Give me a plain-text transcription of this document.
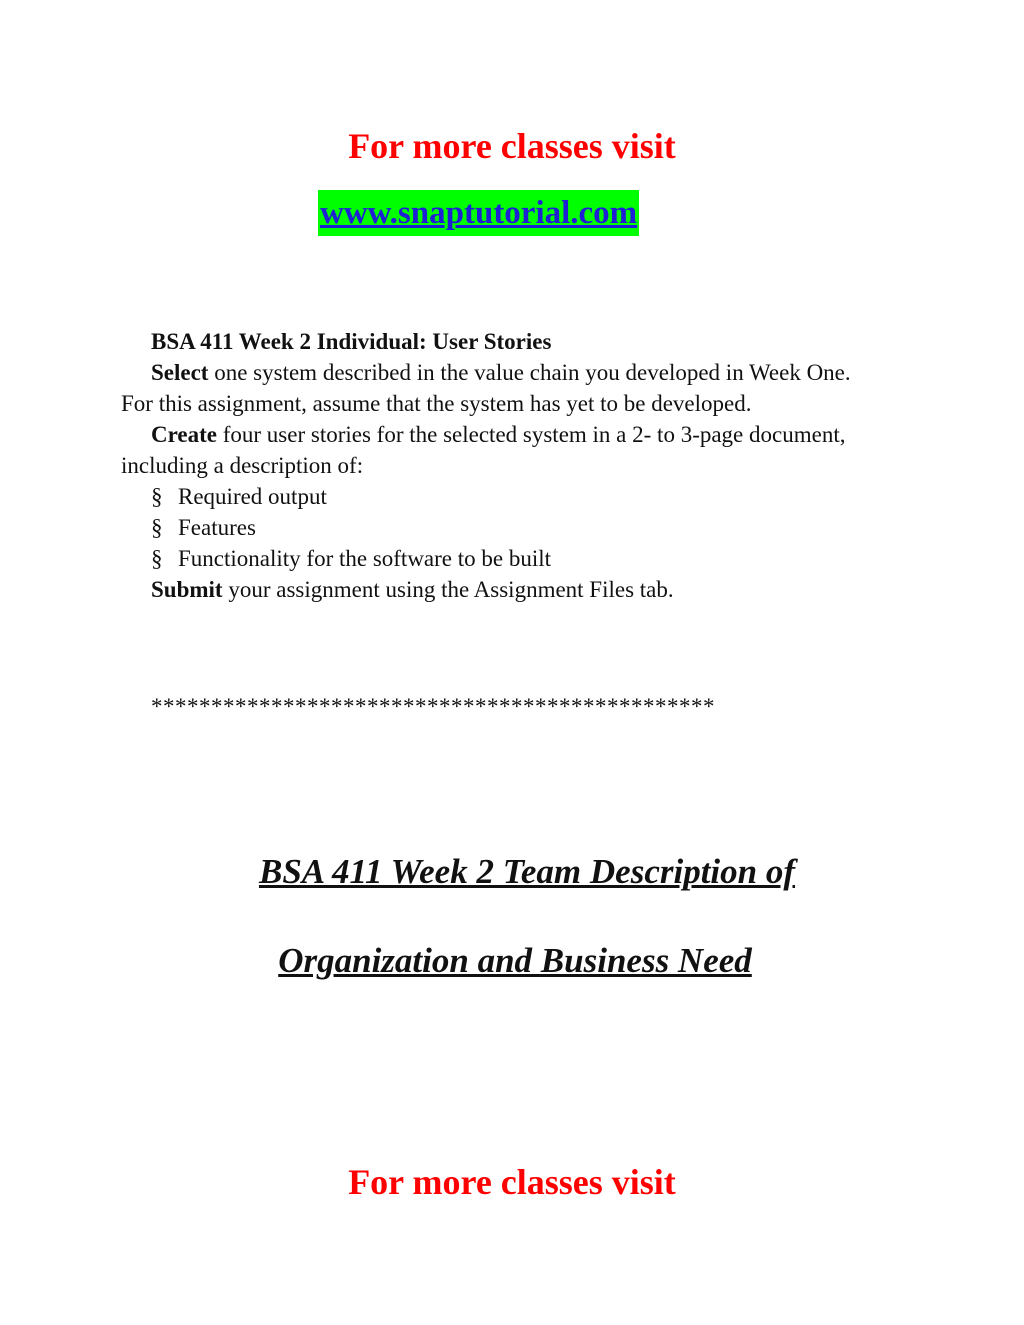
For more classes visit
www.snaptutorial.com

BSA 411 Week 2 Individual: User Stories

Select one system described in the value chain you developed in Week One. For this assignment, assume that the system has yet to be developed.

Create four user stories for the selected system in a 2- to 3-page document, including a description of:

§ Required output

§ Features

§ Functionality for the software to be built

Submit your assignment using the Assignment Files tab.

***********************************************
BSA 411 Week 2 Team Description of
Organization and Business Need
For more classes visit
